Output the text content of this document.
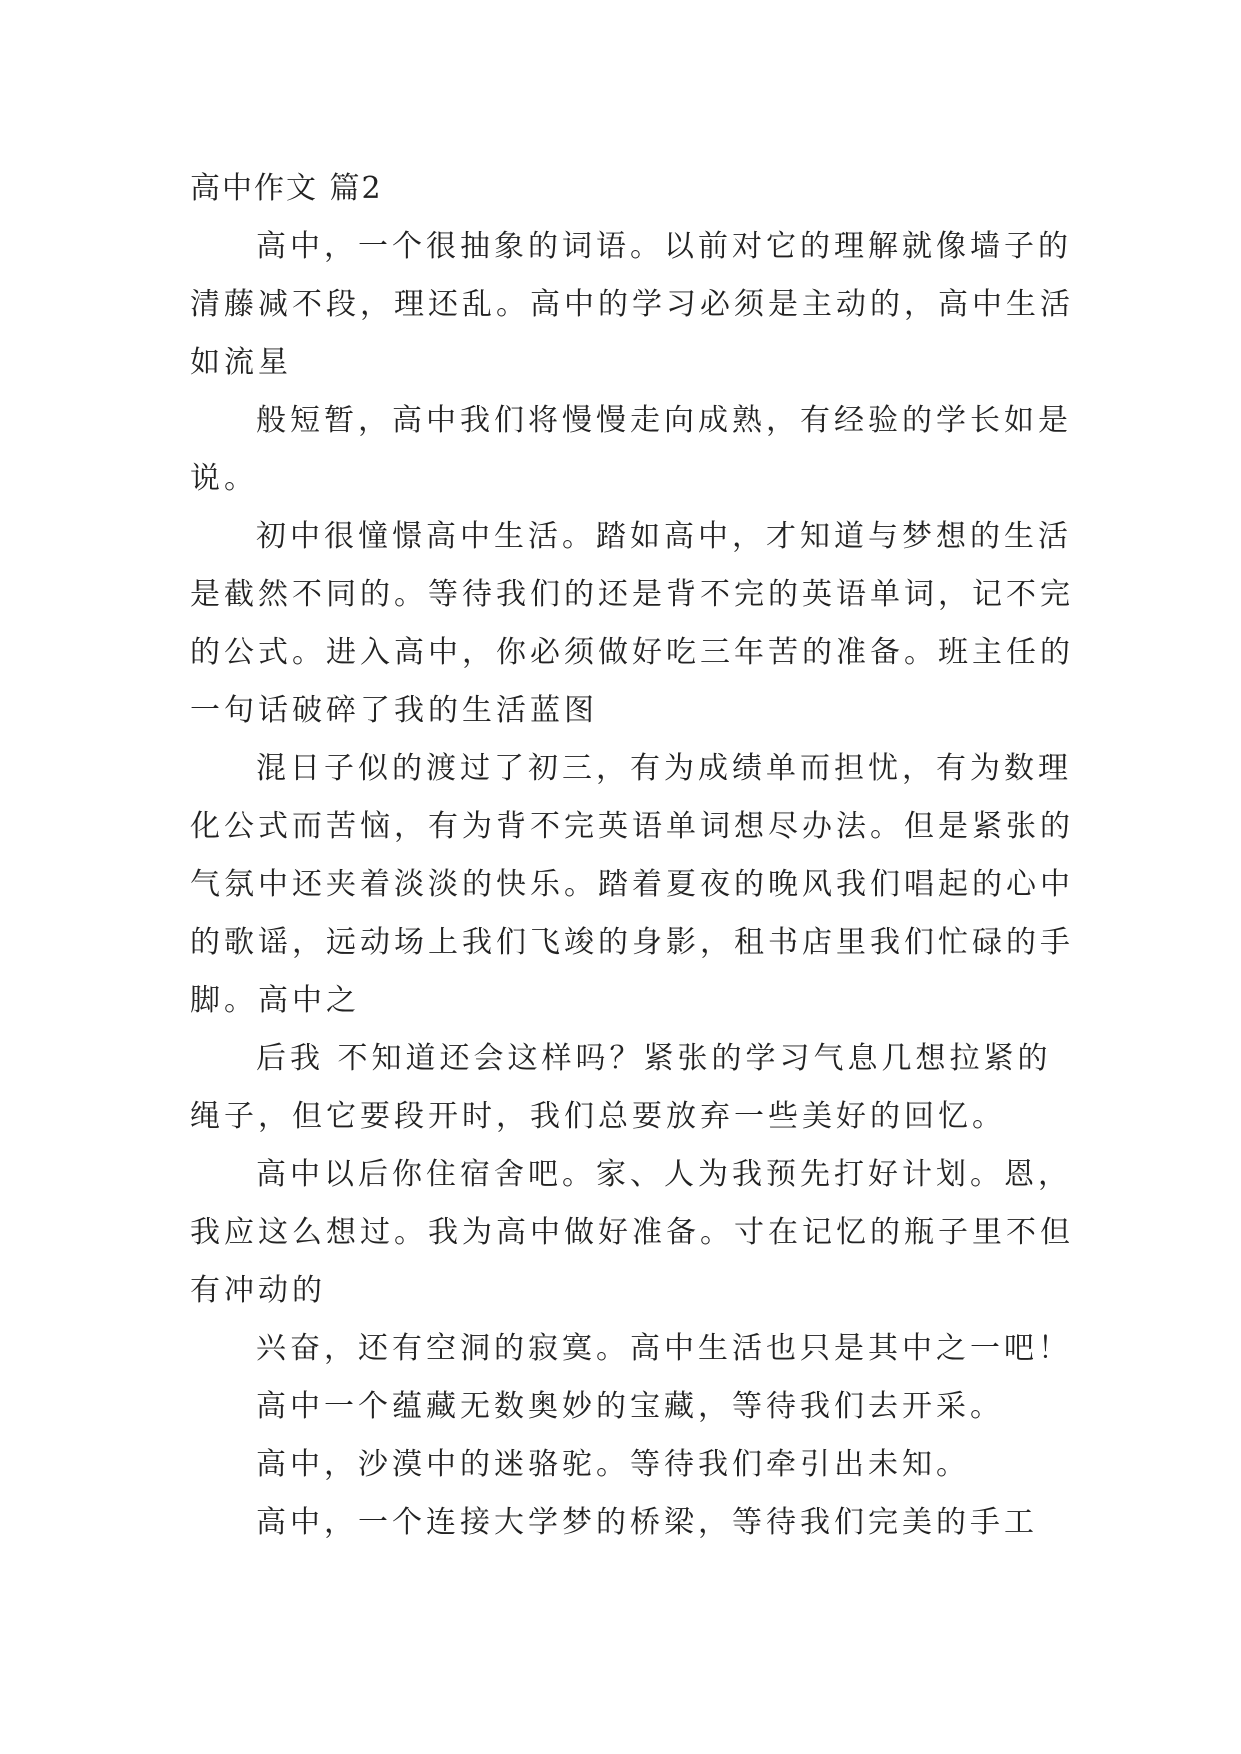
高中作文 篇2
高中，一个很抽象的词语。以前对它的理解就像墙子的
清藤减不段，理还乱。高中的学习必须是主动的，高中生活
如流星
般短暂，高中我们将慢慢走向成熟，有经验的学长如是
说。
初中很憧憬高中生活。踏如高中，才知道与梦想的生活
是截然不同的。等待我们的还是背不完的英语单词，记不完
的公式。进入高中，你必须做好吃三年苦的准备。班主任的
一句话破碎了我的生活蓝图
混日子似的渡过了初三，有为成绩单而担忧，有为数理
化公式而苦恼，有为背不完英语单词想尽办法。但是紧张的
气氛中还夹着淡淡的快乐。踏着夏夜的晚风我们唱起的心中
的歌谣，远动场上我们飞竣的身影，租书店里我们忙碌的手
脚。高中之
后我 不知道还会这样吗？紧张的学习气息几想拉紧的
绳子，但它要段开时，我们总要放弃一些美好的回忆。
高中以后你住宿舍吧。家、人为我预先打好计划。恩，
我应这么想过。我为高中做好准备。寸在记忆的瓶子里不但
有冲动的
兴奋，还有空洞的寂寞。高中生活也只是其中之一吧！
高中一个蕴藏无数奥妙的宝藏，等待我们去开采。
高中，沙漠中的迷骆驼。等待我们牵引出未知。
高中，一个连接大学梦的桥梁，等待我们完美的手工
